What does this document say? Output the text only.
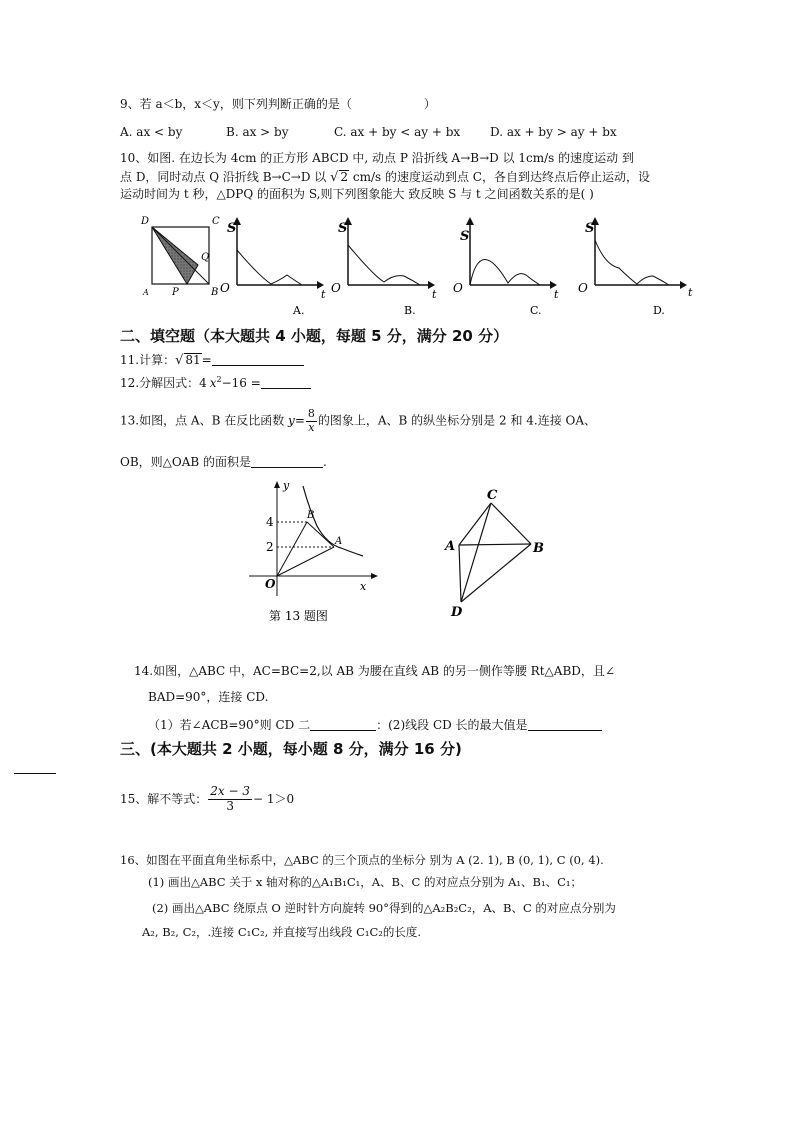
9、若 a＜b，x＜y，则下列判断正确的是（	）
A. ax < by	B. ax > by	C. ax + by < ay + bx D. ax + by > ay + bx
10、如图. 在边长为 4cm 的正方形 ABCD 中, 动点 P 沿折线 A→B→D 以 1cm/s 的速度运动 到
点 D，同时动点 Q 沿折线 B→C→D 以 √ 2 cm/s 的速度运动到点 C，各自到达终点后停止运动，设
运动时间为 t 秒，△DPQ 的面积为 S,则下列图象能大 致反映 S 与 t 之间函数关系的是( )
D	C
Q
A P	B
S
O	t
A.
S
O	t
B.
S
O	t
C.
S
O	t
D.
二、填空题（本大题共 4 小题，每题 5 分，满分 20 分）
11.计算：√ 81=
12.分解因式：4 $x^2-16$ =
13.如图，点 A、B 在反比函数 $y= \frac{8}{x}$ 的图象上，A、B 的纵坐标分别是 2 和 4.连接 OA、
OB，则△OAB 的面积是	.
y
B
A
4
2
O	x
第 13 题图
C
A	B
D
14.如图，△ABC 中，AC=BC=2,以 AB 为腰在直线 AB 的另一侧作等腰 Rt△ABD，且∠
BAD=90°，连接 CD.
（1）若∠ACB=90°则 CD 二	：(2)线段 CD 长的最大值是
三、(本大题共 2 小题，每小题 8 分，满分 16 分)
15、解不等式： $\frac{2x - 3}{3} - 1>0$
16、如图在平面直角坐标系中，△ABC 的三个顶点的坐标分 别为 A (2. 1), B (0, 1), C (0, 4).
(1) 画出△ABC 关于 x 轴对称的△A₁B₁C₁，A、B、C 的对应点分别为 A₁、B₁、C₁；
(2) 画出△ABC 绕原点 O 逆时针方向旋转 90°得到的△A₂B₂C₂，A、B、C 的对应点分别为
A₂, B₂, C₂，.连接 C₁C₂, 并直接写出线段 C₁C₂的长度.
